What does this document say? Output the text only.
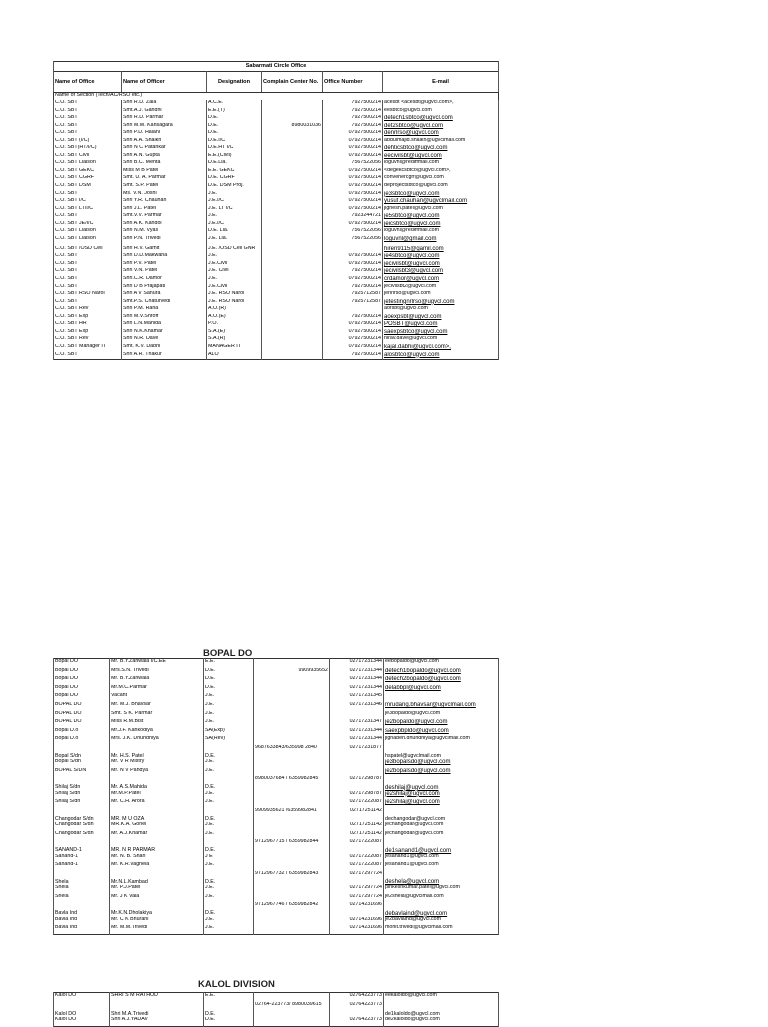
Sabarmati Circle Office					
Name of Office	Name of Officer	Designation	Complain Center No.	Office Number	E-mail
Name of Section (Tech/AC/RSO etc.)					
C.O. SBT	Shri R.D. Zala	A.C.E.		7927500214	acesbt <acesbt@ugvcl.com>,
C.O. SBT	Smt.A.J. Gandhi	E.E.(T)		7927500214	eesbtco@ugvcl.com
C.O. SBT	Shri R.D. Parmar	D.E.		7927500214	detech1sbtco@ugvcl.com
C.O. SBT	Shri M.M. Kansagara	D.E.	8980031036	7927500214	det2sbtco@ugvcl.com
C.O. SBT	Shri P.D. Halani	D.E.		07927500214	denrlrso@ugvcl.com
C.O. SBT (I/C)	Shri A.A. Shaikh	D.E.I/C		07927500214	abdulmajid.shaikh@ugvclmail.com
C.O. SBT(HT/I/C)	Shri N C Patankar	D.E.HT I/C		07927500214	dehticsbtco@ugvcl.com
C.O. SBT Civil	Shri A.N. Gupta	E.E.(Civil)		07927500214	eecivilsbt@ugvcl.com
C.O. SBT Liaison	Shri B.C. Mehta	D.E.Lia.		7567522056	loguvnl@rediffmail.com
C.O. SBT GEKC	Miss M B Patel	E.E. GEKC		07927500214	<degekcsbtco@ugvcl.com>,
C.O. SBT CGRF	Smt. U. A. Parmar	D.E. CGRF		07927500214	convenercgrf@ugvcl.com
C.O. SBT DSM	Smt. S.P. Patel	D.E. DSM Proj.		07927500214	deprojectsbtco@ugvcl.com
C.O. SBT	Ms. V.N. Joshi	J.E.		07927500214	je3sbtco@ugvcl.com
C.O. SBT I/C	Shri Y.R. Chauhan	J.E.I/C		07927500214	yusuf.chauhan@ugvclmail.com
C.O. SBT LT/I/C	Shri J.L. Patel	J.E. LT I/C		07927500214	jignesh.patel@ugvcl.com
C.O. SBT	Smt.V.V. Parmar	J.E.		7923244721	je5sbtco@ugvcl.com
C.O. SBT JE/I/C	Shri A.K. Kandoi	J.E.I/C		07927500214	jeicsbtco@ugvcl.com
C.O. SBT Liaison	Shri N.M. Vyas	D.E. Lia.		7567522056	loguvnl@rediffmail.com
C.O. SBT Liaison	Shri P.N. Trivedi	J.E. Lia.		7567522056	loguvnl@gmail.com
C.O. SBT /OSD Cell	Shri H.V. Gamit	J.E. /OSD Cell GNR			hiren9115@gamil.com
C.O. SBT	Shri D.D.Makwana	J.E.		07927500214	je4sbtco@ugvcl.com
C.O. SBT	Shri P.V. Patel	J.E.Civil		07927500214	jecivilsbt@ugvcl.com
C.O. SBT	Shri V.N. Patel	J.E. Civil		7927500214	jecivilsbt3@ugvcl.com
C.O. SBT	Shri.C.R. Damor	J.E.		07927500214	crdamor@ugvcl.com
C.O. SBT	Shri D B Prajapati	J.E.Civil		7927500214	jecivilsbt2@ugvcl.com
C.O. SBT RSO Narol	Shri A V Sanura	J.E. RSO Narol		7925712587	jenrlrso@ugvcl.com
C.O. SBT	Smt.P.S. Chaturvedi	J.E. RSO Narol		7925712587	jetestingnrlrso@ugvcl.com
C.O. SBT Rev	Shri P.M. Rana	A.O.(R)			aorsbt@ugvcl.com
C.O. SBT Exp	Shri M.V.Shroff	A.O.(E)		7927500214	aoexpsbt@ugvcl.com
C.O. SBT HR	Shri L.N.Mahida	P.O.		07927500214	POSBT@ugvcl.com
C.O. SBT Exp	Shri N.K.Khamar	S.A.(E)		07927500214	saexpsbtco@ugvcl.com
C.O. SBT Rev	Shri N.R. Dave	S.A.(R)		07927500214	nirav.dave@ugvcl.com
C.O. SBT Manager IT	Smt. K.V. Dabhi	MANAGER IT		07927500214	kajal.dabhi@ugvcl.com>,
C.O. SBT	Shri A.R. Thakur	ALO		7927500214	alosbtco@ugvcl.com
BOPAL DO
Bopal DO	Mr. B.Y.Zariwala I/C.EE	E.E.		02717231344	eebopaldo@ugvcl.com
Bopal DO	Mrs.S.N. Trivedi	D.E.	9909935652	02717231344	detech1bopaldo@ugvcl.com
Bopal DO	Mr. B.Y.Zariwala	D.E.		02717231344	detech2bopaldo@ugvcl.com
Bopal DO	Mr.M.C.Parmar	D.E.		02717231344	delabbpl@ugvcl.com
Bopal DO	Vacant	J.E.		02717231345	
BOPAL DO	Mr. M.J. Bhavsar	J.E.		02717231346	mrudang.bhavsar@ugvclmail.com
BOPAL DO	Smt. S K. Parmar	J.E.			je3bopaldo@ugvcl.com
BOPAL DO	Miss R.M.Bist	J.E.		02717231347	je2bopaldo@ugvcl.com
Bopal D.o	Mr.J.F. Kankodiya	SA(Exp)		02717231344	saexpbpldo@ugvcl.com
Bopal D.o	Mrs. J.K. Dhundhiya	SA(Rev)		02717231344	jignaben.dhundhiya@ugvclmail.com
Bopal S/dn	Mr. H.S. Patel	D.E.	9687633843/635998 2840	02717231877	hspatel@ugvclmail.com
Bopal S/dn	Mr. V R Mistry	J.E.			je3bopalsdo@ugvcl.com
BOPAL S/DN	Mr. N V Pandya	J.E.			je2bopalsdo@ugvcl.com
Shilaj S/dn	Mr. A.S.Mahida	D.E.	8980037684 / 6359982845	02717298787	deshilaj@ugvcl.com
Shilaj S/dn	Mr.M.P.Patel	J.E.		02717298787	je2shilaj@ugvcl.com
Shilaj S/dn	Mr. C.H. Arora	J.E.		02717222087	je2shilaj@ugvcl.com
Changodar S/dn	MR. M U OZA	D.E.	9909935621 /6359982841	02717251142	dechangodar@ugvcl.com
Changodar S/dn	MR.K.A. Gohel	J.E.		02717251142	jechangodar@ugvcl.com
Changodar S/dn	Mr. A.J.Khamar	J.E.		02717251142	jechangodar@ugvcl.com
SANAND-1	MR. N R PARMAR	D.E.	9712967715 / 6359982844	02717222087	de1sanand1@ugvcl.com
Sanand-1	Mr. N. B. Shah	J E		02717222087	jesanand1@ugvcl.com
Sanand-1	Mr. K.R.Vaghela	J.E.		02717222087	jesanand1@ugvcl.com
Shela	Mr.N.L.Kambad	D.E.	9712967732 / 6359982843	02717297724	deshela@ugvcl.com
Shela	Mr. P.J.Patel	J.E.		02717297724	pinkeshkumar.patel@ugvcl.com
Shela	Mr. J K Vala	J.E.		02717297724	je2shela@ugvclmail.com
Bavla Ind	Mr.K.N.Dholakiya	D.E.	9712967746 / 6359982842	02714231696	debavlaind@ugvcl.com
Bavla Ind	Mr. C K Bhurani	J.E.		02714231696	je2bavlaind@ugvcl.com
Bavla Ind	Mr. M.M.Trivedi	J.E.		02714231696	mohit.trivedi@ugvclmail.com
KALOL DIVISION
Kalol DO	SHRI S M RATHOD	E.E.		02764223773	eekaloldo@ugvcl.com
Kalol DO	Shri M.A.Trivedi	D.E.	02764-223773/ 8980039615	02764223773	de1kaloldo@ugvcl.com
Kalol DO	Shri A.J.YADAV	D.E.		02764223773	de2kaloldo@ugvcl.com
